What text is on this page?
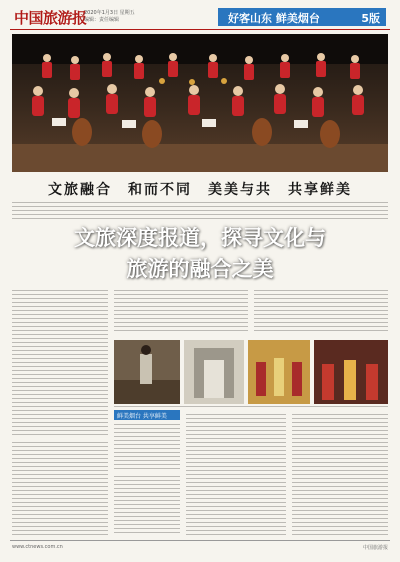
中国旅游报
2020年1月3日 星期五
编辑：责任编辑	好客山东 鲜美烟台	5版
文旅融合　和而不同　美美与共　共享鲜美
文旅深度报道，探寻文化与
旅游的融合之美
鲜美烟台 共享鲜美
www.ctnews.com.cn	中国旅游报
